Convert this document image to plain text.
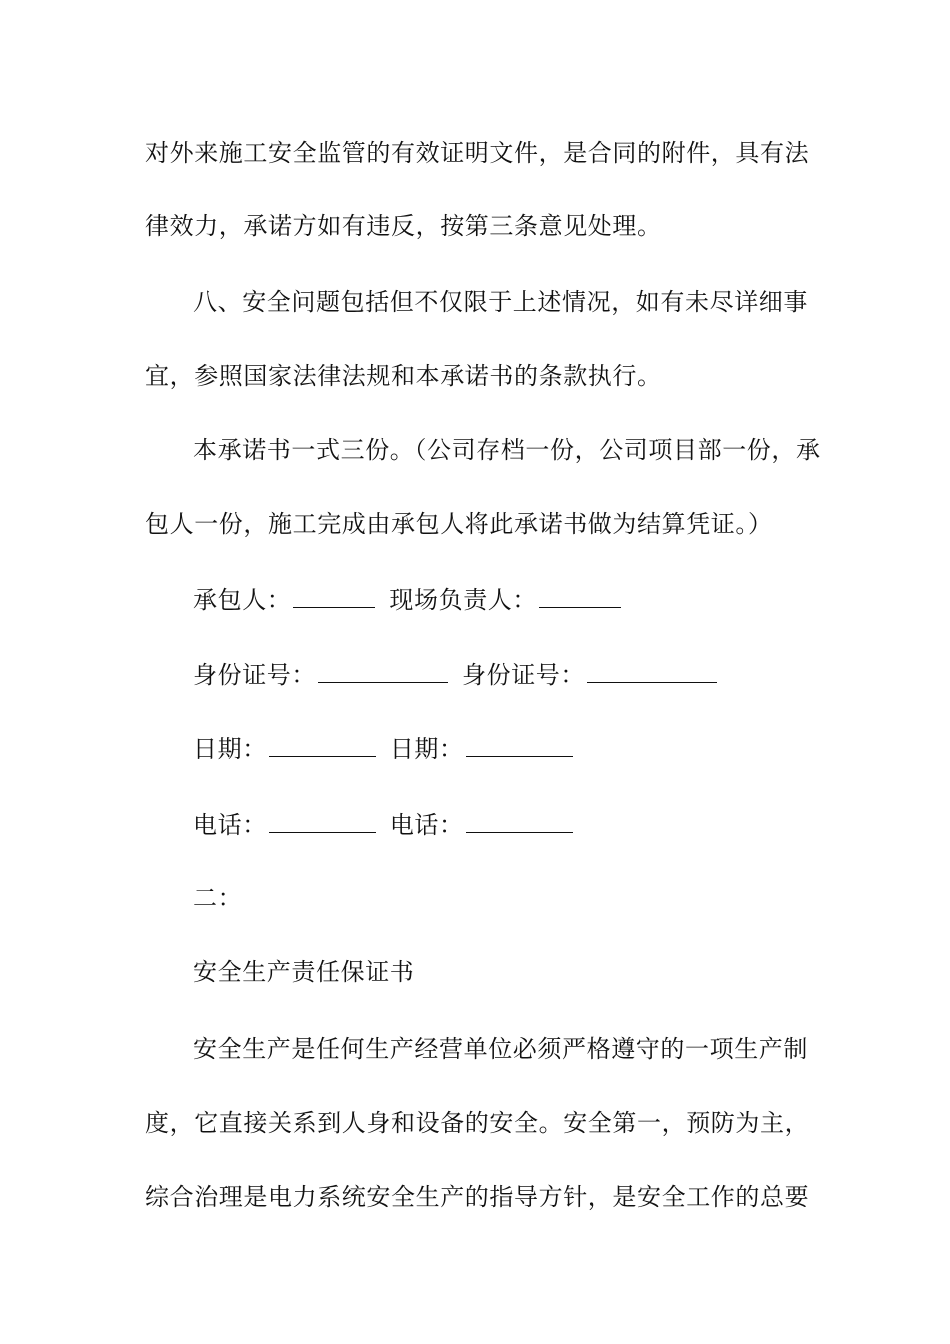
对外来施工安全监管的有效证明文件，是合同的附件，具有法
律效力，承诺方如有违反，按第三条意见处理。
八、安全问题包括但不仅限于上述情况，如有未尽详细事
宜，参照国家法律法规和本承诺书的条款执行。
本承诺书一式三份。（公司存档一份，公司项目部一份，承
包人一份，施工完成由承包人将此承诺书做为结算凭证。）
承包人：	现场负责人：
身份证号：	身份证号：
日期：	日期：
电话：	电话：
二：
安全生产责任保证书
安全生产是任何生产经营单位必须严格遵守的一项生产制
度，它直接关系到人身和设备的安全。安全第一，预防为主，
综合治理是电力系统安全生产的指导方针，是安全工作的总要
